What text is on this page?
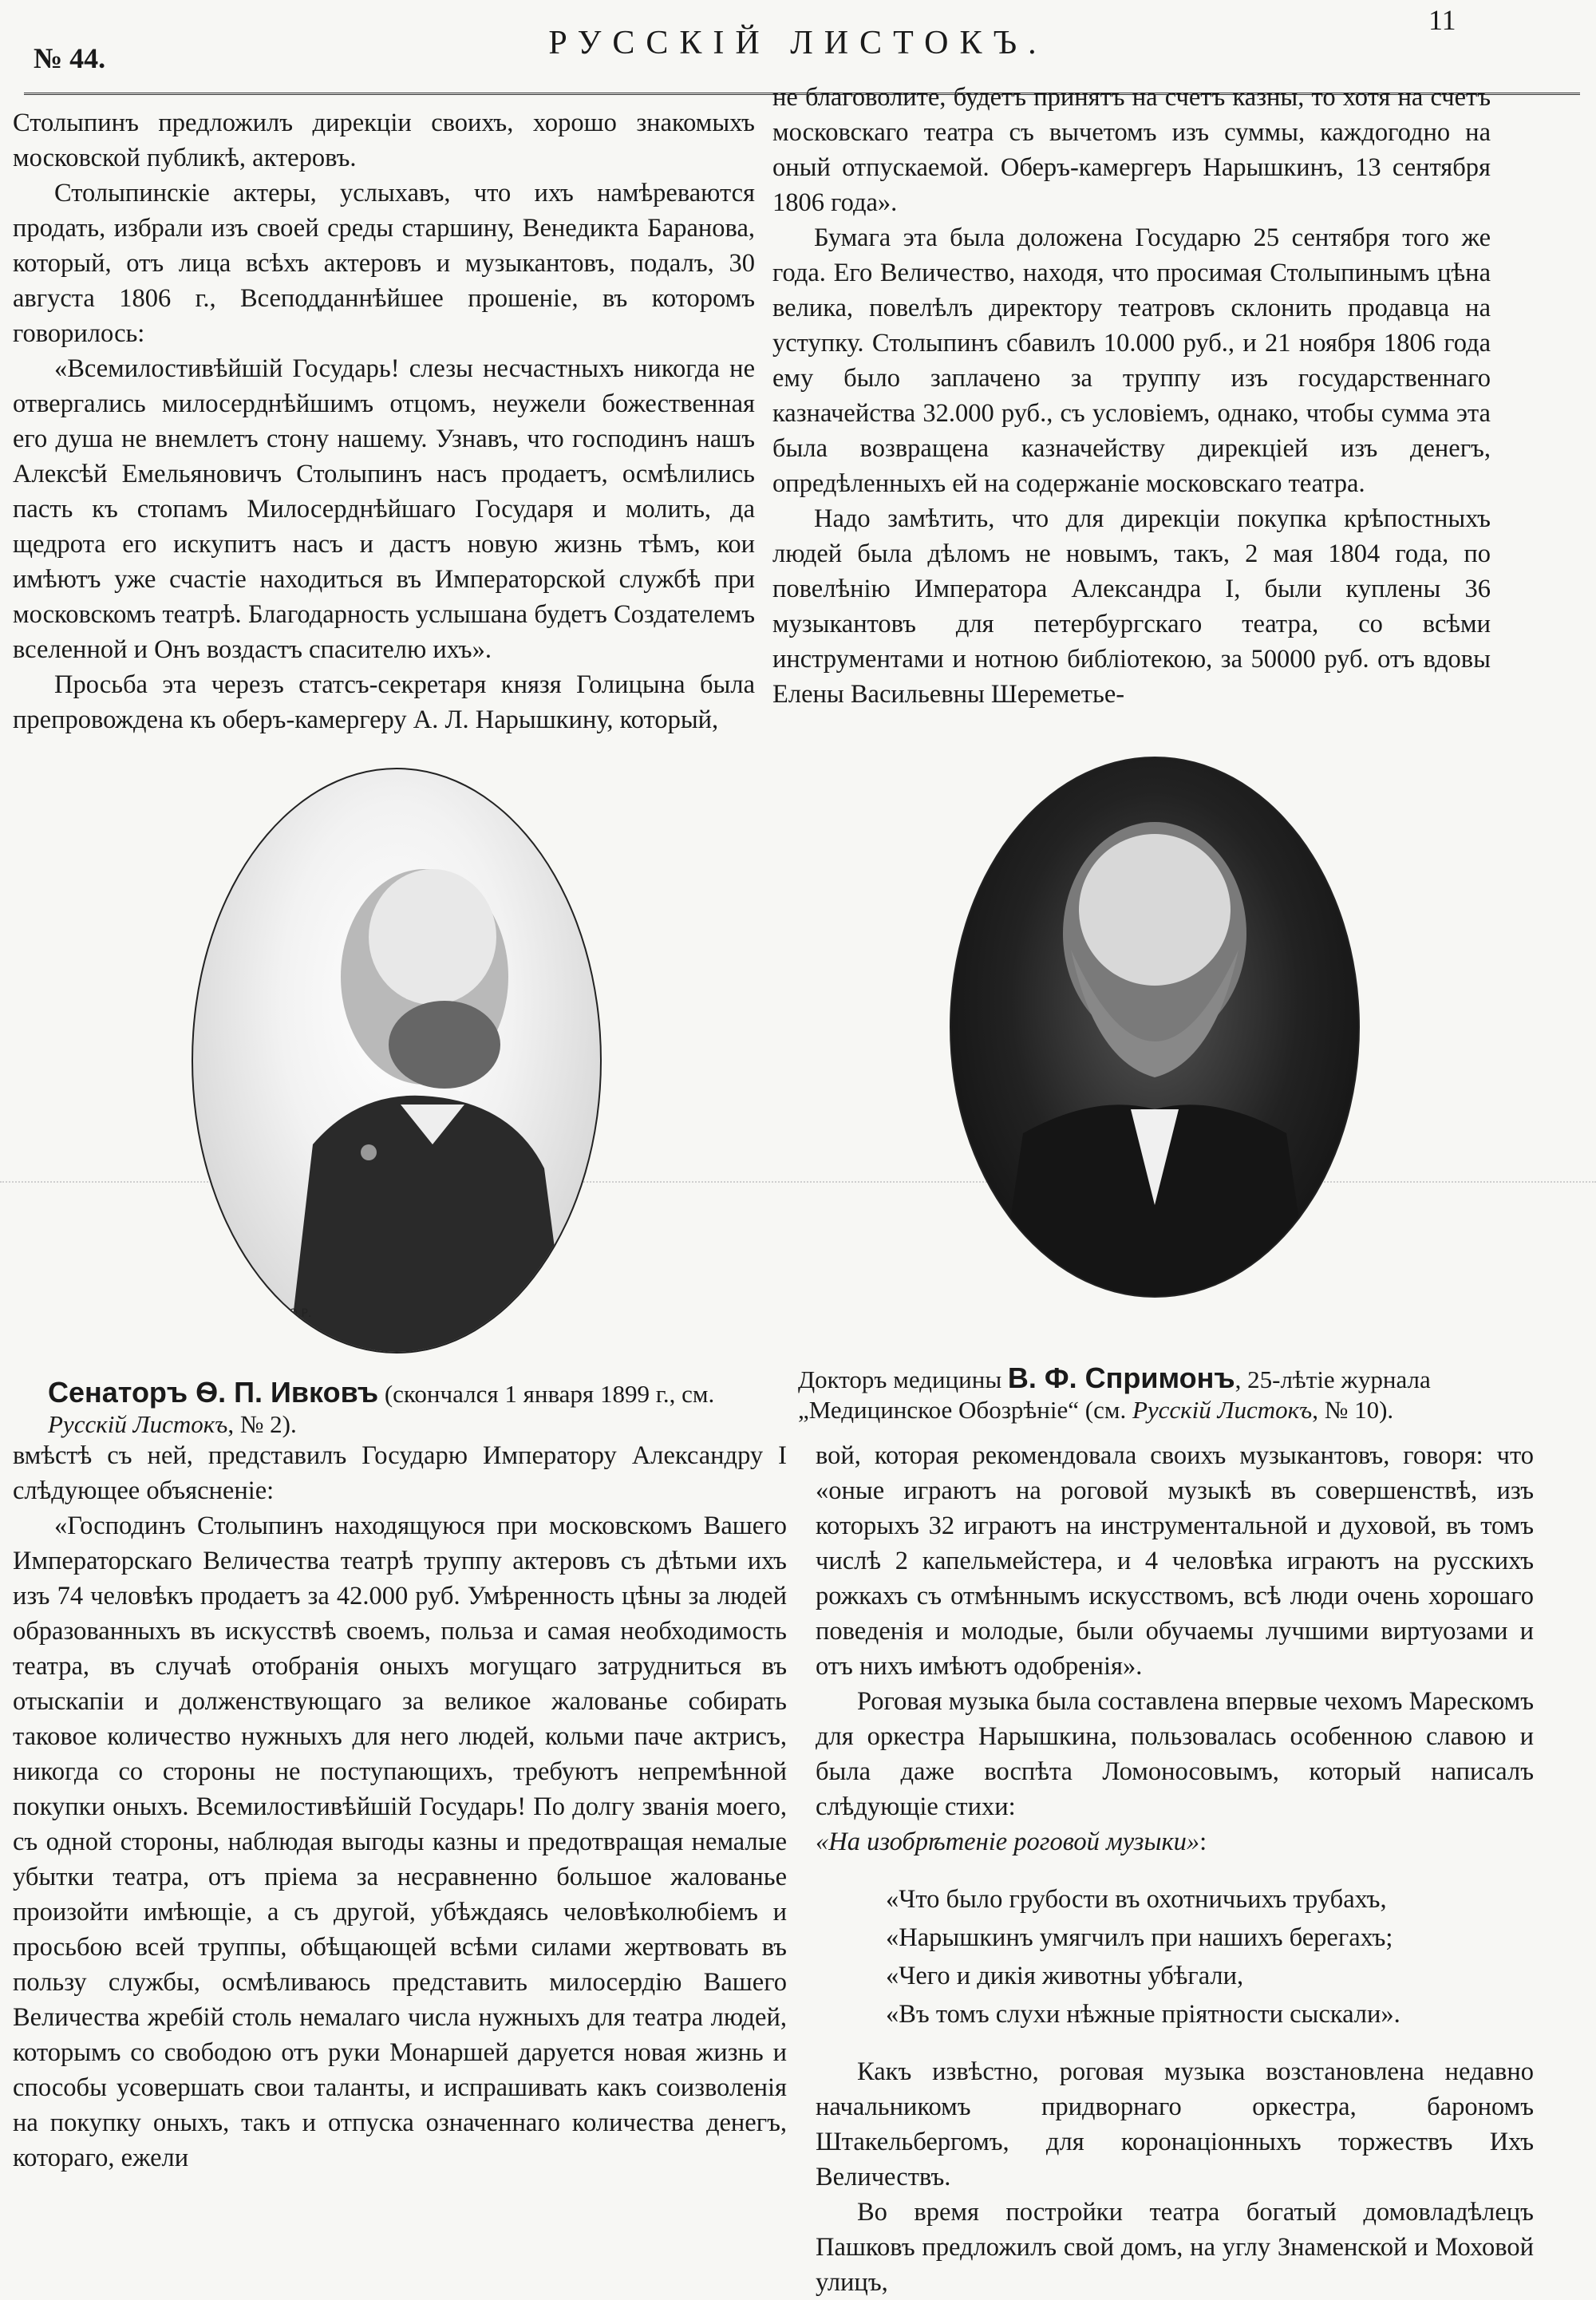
№ 44.	РУССКІЙ ЛИСТОКЪ.
11

Столыпинъ предложилъ дирекціи своихъ, хорошо знакомыхъ московской публикѣ, актеровъ.

Столыпинскіе актеры, услыхавъ, что ихъ намѣреваются продать, избрали изъ своей среды старшину, Венедикта Баранова, который, отъ лица всѣхъ актеровъ и музыкантовъ, подалъ, 30 августа 1806 г., Всеподданнѣйшее прошеніе, въ которомъ говорилось:

«Всемилостивѣйшій Государь! слезы несчастныхъ никогда не отвергались милосерднѣйшимъ отцомъ, неужели божественная его душа не внемлетъ стону нашему. Узнавъ, что господинъ нашъ Алексѣй Емельяновичъ Столыпинъ насъ продаетъ, осмѣлились пасть къ стопамъ Милосерднѣйшаго Государя и молить, да щедрота его искупитъ насъ и дастъ новую жизнь тѣмъ, кои имѣютъ уже счастіе находиться въ Императорской службѣ при московскомъ театрѣ. Благодарность услышана будетъ Создателемъ вселенной и Онъ воздастъ спасителю ихъ».

Просьба эта черезъ статсъ-секретаря князя Голицына была препровождена къ оберъ-камергеру А. Л. Нарышкину, который,

не благоволите, будетъ принятъ на счетъ казны, то хотя на счетъ московскаго театра съ вычетомъ изъ суммы, каждогодно на оный отпускаемой. Оберъ-камергеръ Нарышкинъ, 13 сентября 1806 года».

Бумага эта была доложена Государю 25 сентября того же года. Его Величество, находя, что просимая Столыпинымъ цѣна велика, повелѣлъ директору театровъ склонить продавца на уступку. Столыпинъ сбавилъ 10.000 руб., и 21 ноября 1806 года ему было заплачено за труппу изъ государственнаго казначейства 32.000 руб., съ условіемъ, однако, чтобы сумма эта была возвращена казначейству дирекціей изъ денегъ, опредѣленныхъ ей на содержаніе московскаго театра.

Надо замѣтить, что для дирекціи покупка крѣпостныхъ людей была дѣломъ не новымъ, такъ, 2 мая 1804 года, по повелѣнію Императора Александра I, были куплены 36 музыкантовъ для петербургскаго театра, со всѣми инструментами и нотною библіотекою, за 50000 руб. отъ вдовы Елены Васильевны Шереметье-

О.Р.
О.РЕНАРЪ
Сенаторъ Ѳ. П. Ивковъ (скончался 1 января 1899 г., см. Русскій Листокъ, № 2).
Докторъ медицины В. Ф. Спримонъ, 25-лѣтіе журнала „Медицинское Обозрѣніе“ (см. Русскій Листокъ, № 10).

вмѣстѣ съ ней, представилъ Государю Императору Александру I слѣдующее объясненіе:

«Господинъ Столыпинъ находящуюся при московскомъ Вашего Императорскаго Величества театрѣ труппу актеровъ съ дѣтьми ихъ изъ 74 человѣкъ продаетъ за 42.000 руб. Умѣренность цѣны за людей образованныхъ въ искусствѣ своемъ, польза и самая необходимость театра, въ случаѣ отобранія оныхъ могущаго затрудниться въ отыскапіи и долженствующаго за великое жалованье собирать таковое количество нужныхъ для него людей, кольми паче актрисъ, никогда со стороны не поступающихъ, требуютъ непремѣнной покупки оныхъ. Всемилостивѣйшій Государь! По долгу званія моего, съ одной стороны, наблюдая выгоды казны и предотвращая немалые убытки театра, отъ пріема за несравненно большое жалованье произойти имѣющіе, а съ другой, убѣждаясь человѣколюбіемъ и просьбою всей труппы, обѣщающей всѣми силами жертвовать въ пользу службы, осмѣливаюсь представить милосердію Вашего Величества жребій столь немалаго числа нужныхъ для театра людей, которымъ со свободою отъ руки Монаршей даруется новая жизнь и способы усовершать свои таланты, и испрашивать какъ соизволенія на покупку оныхъ, такъ и отпуска означеннаго количества денегъ, котораго, ежели

вой, которая рекомендовала своихъ музыкантовъ, говоря: что «оные играютъ на роговой музыкѣ въ совершенствѣ, изъ которыхъ 32 играютъ на инструментальной и духовой, въ томъ числѣ 2 капельмейстера, и 4 человѣка играютъ на русскихъ рожкахъ съ отмѣннымъ искусствомъ, всѣ люди очень хорошаго поведенія и молодые, были обучаемы лучшими виртуозами и отъ нихъ имѣютъ одобренія».

Роговая музыка была составлена впервые чехомъ Марескомъ для оркестра Нарышкина, пользовалась особенною славою и была даже воспѣта Ломоносовымъ, который написалъ слѣдующіе стихи:

«На изобрѣтеніе роговой музыки»:

«Что было грубости въ охотничьихъ трубахъ,
«Нарышкинъ умягчилъ при нашихъ берегахъ;
«Чего и дикія животны убѣгали,
«Въ томъ слухи нѣжные пріятности сыскали».

Какъ извѣстно, роговая музыка возстановлена недавно начальникомъ придворнаго оркестра, барономъ Штакельбергомъ, для коронаціонныхъ торжествъ Ихъ Величествъ.

Во время постройки театра богатый домовладѣлецъ Пашковъ предложилъ свой домъ, на углу Знаменской и Моховой улицъ,
